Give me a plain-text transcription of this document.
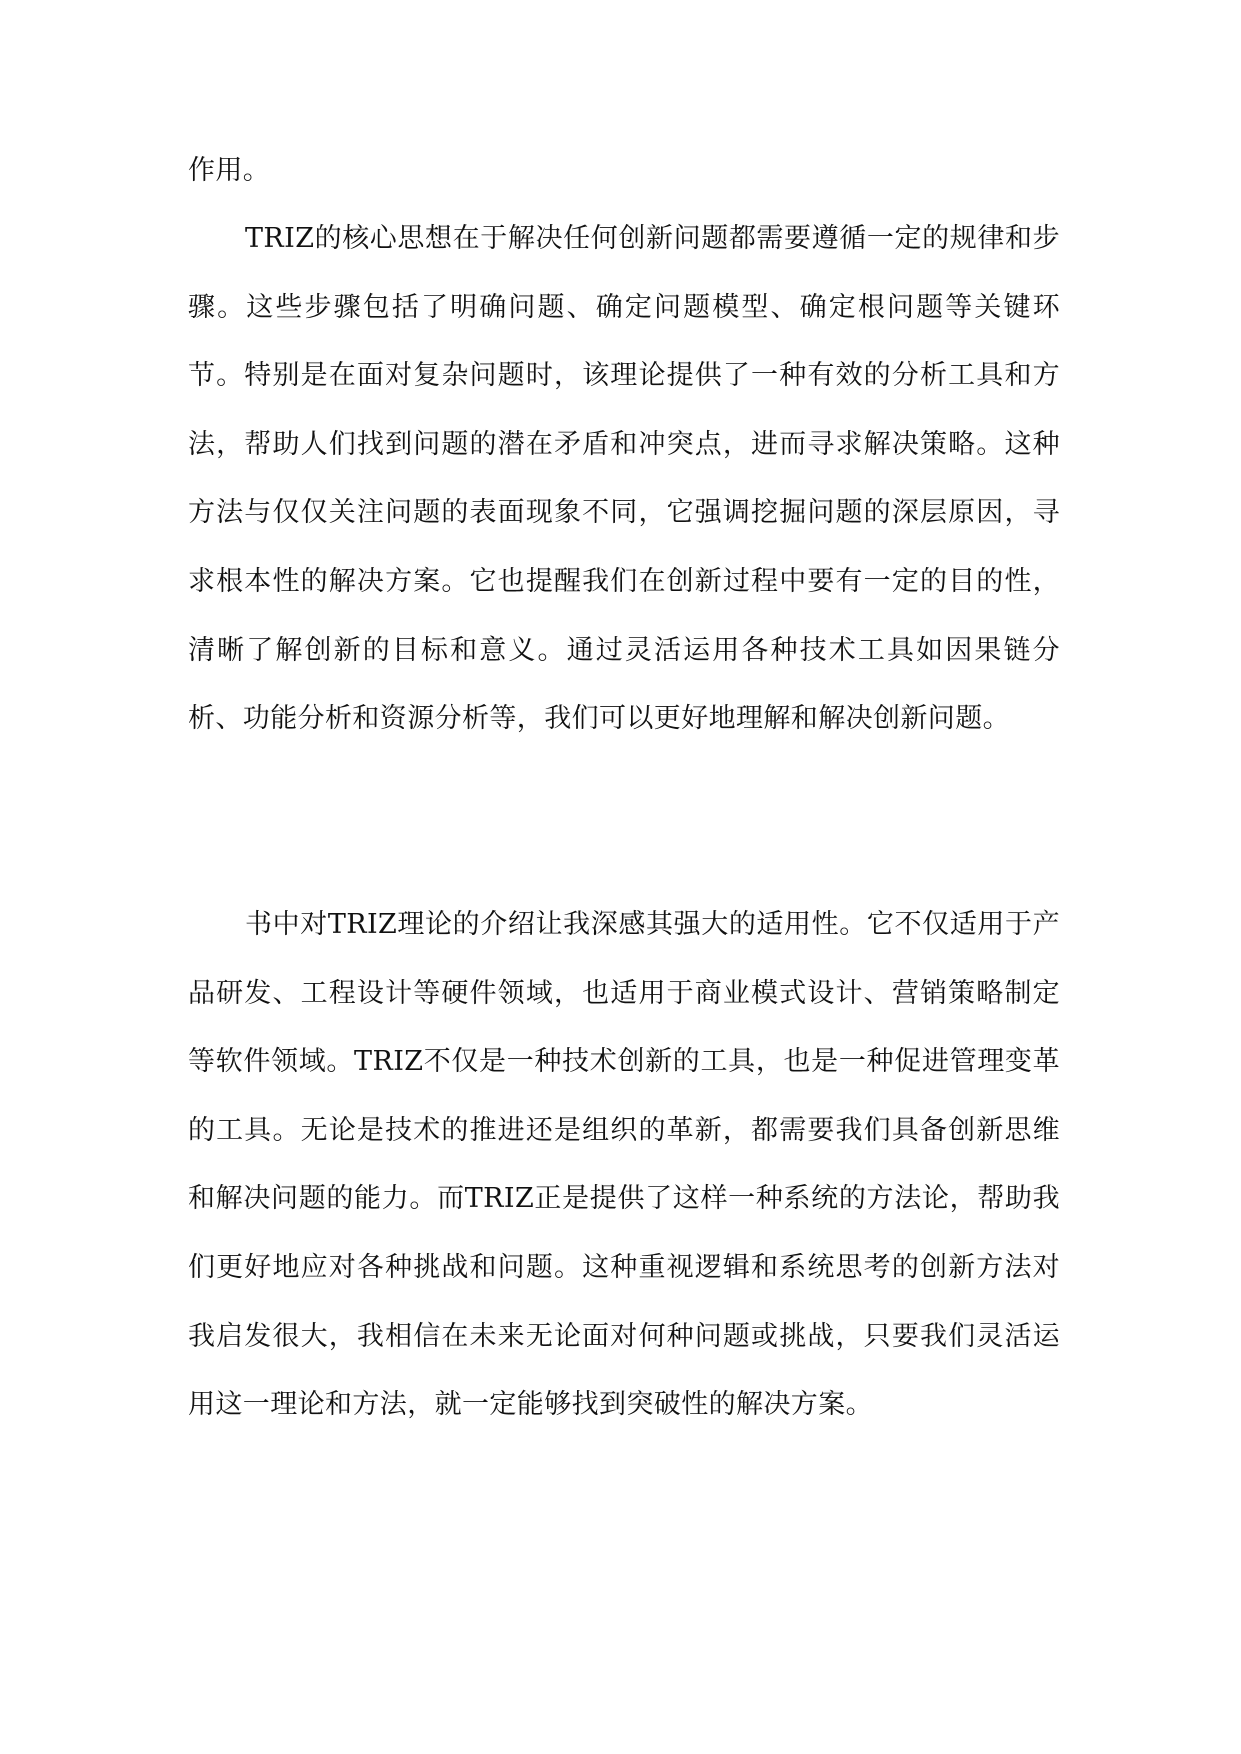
作用。

TRIZ的核心思想在于解决任何创新问题都需要遵循一定的规律和步骤。这些步骤包括了明确问题、确定问题模型、确定根问题等关键环节。特别是在面对复杂问题时，该理论提供了一种有效的分析工具和方法，帮助人们找到问题的潜在矛盾和冲突点，进而寻求解决策略。这种方法与仅仅关注问题的表面现象不同，它强调挖掘问题的深层原因，寻求根本性的解决方案。它也提醒我们在创新过程中要有一定的目的性，清晰了解创新的目标和意义。通过灵活运用各种技术工具如因果链分析、功能分析和资源分析等，我们可以更好地理解和解决创新问题。

书中对TRIZ理论的介绍让我深感其强大的适用性。它不仅适用于产品研发、工程设计等硬件领域，也适用于商业模式设计、营销策略制定等软件领域。TRIZ不仅是一种技术创新的工具，也是一种促进管理变革的工具。无论是技术的推进还是组织的革新，都需要我们具备创新思维和解决问题的能力。而TRIZ正是提供了这样一种系统的方法论，帮助我们更好地应对各种挑战和问题。这种重视逻辑和系统思考的创新方法对我启发很大，我相信在未来无论面对何种问题或挑战，只要我们灵活运用这一理论和方法，就一定能够找到突破性的解决方案。
